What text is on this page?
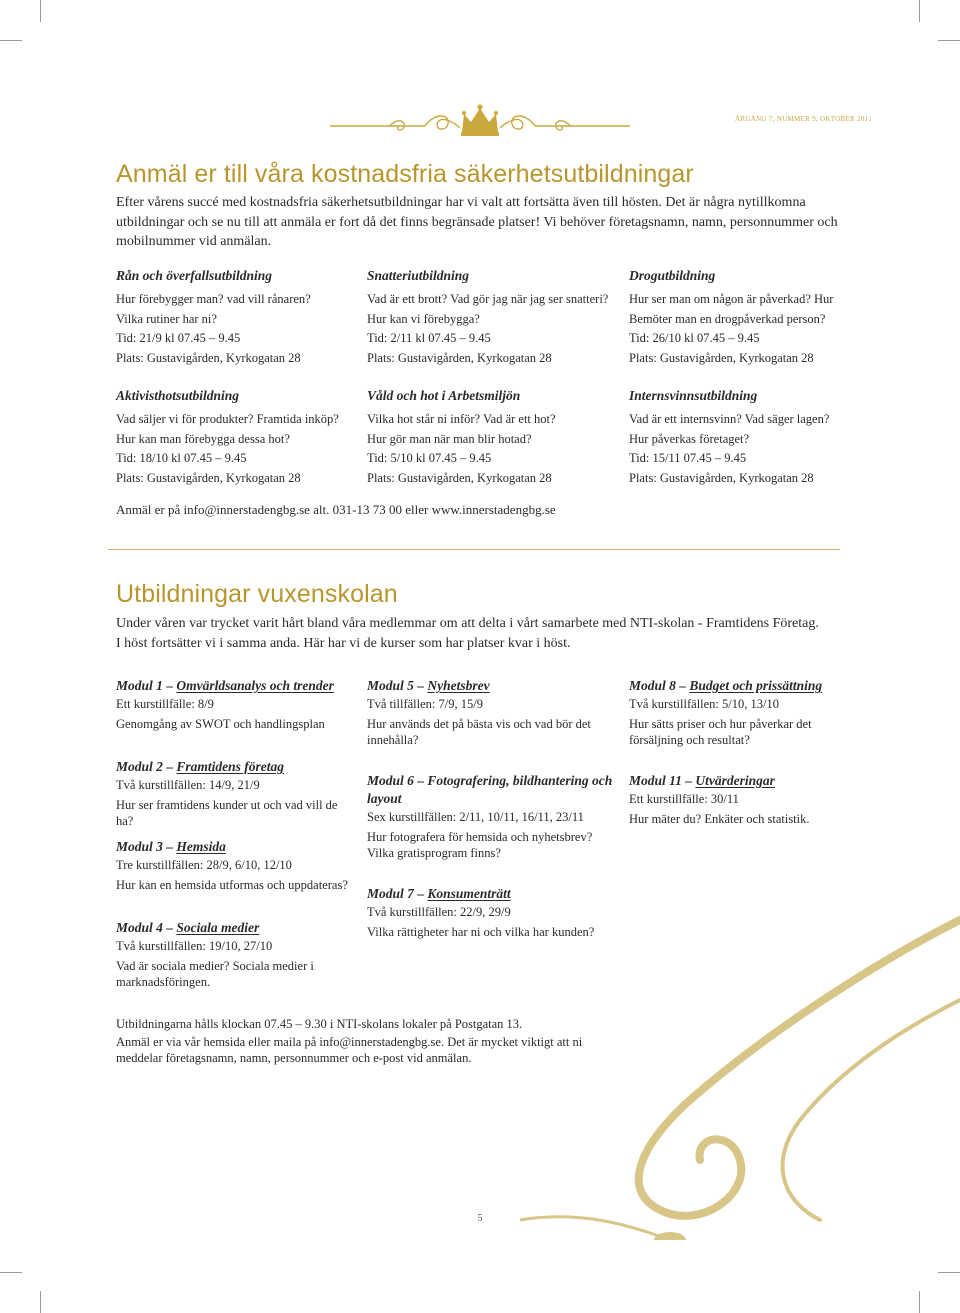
ÅRGÅNG 7, NUMMER 9, OKTOBER 2011
Anmäl er till våra kostnadsfria säkerhetsutbildningar

Efter vårens succé med kostnadsfria säkerhetsutbildningar har vi valt att fortsätta även till hösten. Det är några nytillkomna
utbildningar och se nu till att anmäla er fort då det finns begränsade platser! Vi behöver företagsnamn, namn, personnummer och
mobilnummer vid anmälan.

Rån och överfallsutbildning
Hur förebygger man? vad vill rånaren?
Vilka rutiner har ni?
Tid: 21/9 kl 07.45 – 9.45
Plats: Gustavigården, Kyrkogatan 28
Snatteriutbildning
Vad är ett brott? Vad gör jag när jag ser snatteri?
Hur kan vi förebygga?
Tid: 2/11 kl 07.45 – 9.45
Plats: Gustavigården, Kyrkogatan 28
Drogutbildning
Hur ser man om någon är påverkad? Hur
Bemöter man en drogpåverkad person?
Tid: 26/10 kl 07.45 – 9.45
Plats: Gustavigården, Kyrkogatan 28
Aktivisthotsutbildning
Vad säljer vi för produkter? Framtida inköp?
Hur kan man förebygga dessa hot?
Tid: 18/10 kl 07.45 – 9.45
Plats: Gustavigården, Kyrkogatan 28
Våld och hot i Arbetsmiljön
Vilka hot står ni inför? Vad är ett hot?
Hur gör man när man blir hotad?
Tid: 5/10 kl 07.45 – 9.45
Plats: Gustavigården, Kyrkogatan 28
Internsvinnsutbildning
Vad är ett internsvinn? Vad säger lagen?
Hur påverkas företaget?
Tid: 15/11 07.45 – 9.45
Plats: Gustavigården, Kyrkogatan 28
Anmäl er på info@innerstadengbg.se alt. 031-13 73 00 eller www.innerstadengbg.se
Utbildningar vuxenskolan

Under våren var trycket varit hårt bland våra medlemmar om att delta i vårt samarbete med NTI-skolan - Framtidens Företag.
I höst fortsätter vi i samma anda. Här har vi de kurser som har platser kvar i höst.

Modul 1 – Omvärldsanalys och trender
Ett kurstillfälle: 8/9
Genomgång av SWOT och handlingsplan
Modul 2 – Framtidens företag
Två kurstillfällen: 14/9, 21/9
Hur ser framtidens kunder ut och vad vill de ha?
Modul 3 – Hemsida
Tre kurstillfällen: 28/9, 6/10, 12/10
Hur kan en hemsida utformas och uppdateras?
Modul 4 – Sociala medier
Två kurstillfällen: 19/10, 27/10
Vad är sociala medier? Sociala medier i marknadsföringen.
Modul 5 – Nyhetsbrev
Två tillfällen: 7/9, 15/9
Hur används det på bästa vis och vad bör det innehålla?
Modul 6 – Fotografering, bildhantering och layout
Sex kurstillfällen: 2/11, 10/11, 16/11, 23/11
Hur fotografera för hemsida och nyhetsbrev? Vilka gratisprogram finns?
Modul 7 – Konsumenträtt
Två kurstillfällen: 22/9, 29/9
Vilka rättigheter har ni och vilka har kunden?
Modul 8 – Budget och prissättning
Två kurstillfällen: 5/10, 13/10
Hur sätts priser och hur påverkar det försäljning och resultat?
Modul 11 – Utvärderingar
Ett kurstillfälle: 30/11
Hur mäter du? Enkäter och statistik.
Utbildningarna hålls klockan 07.45 – 9.30 i NTI-skolans lokaler på Postgatan 13.
Anmäl er via vår hemsida eller maila på info@innerstadengbg.se. Det är mycket viktigt att ni
meddelar företagsnamn, namn, personnummer och e-post vid anmälan.
5
